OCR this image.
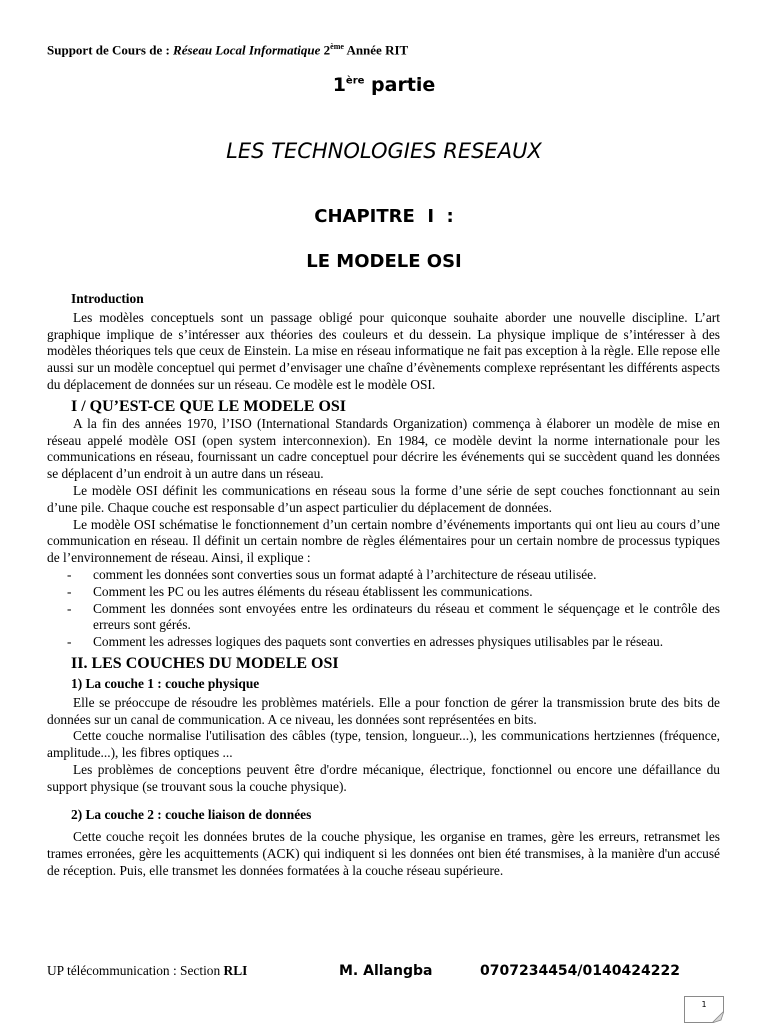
Support de Cours de : Réseau Local Informatique 2ème Année RIT
1ère partie
LES TECHNOLOGIES RESEAUX
CHAPITRE  I  :
LE MODELE OSI
Introduction

Les modèles conceptuels sont un passage obligé pour quiconque souhaite aborder une nouvelle discipline. L’art graphique implique de s’intéresser aux théories des couleurs et du dessein. La physique implique de s’intéresser à des modèles théoriques tels que ceux de Einstein. La mise en réseau informatique ne fait pas exception à la règle. Elle repose elle aussi sur un modèle conceptuel qui permet d’envisager une chaîne d’évènements complexe représentant les différents aspects du déplacement de données sur un réseau. Ce modèle est le modèle OSI.

I / QU’EST-CE QUE LE MODELE OSI

A la fin des années 1970, l’ISO (International Standards Organization) commença à élaborer un modèle de mise en réseau appelé modèle OSI (open system interconnexion). En 1984, ce modèle devint la norme internationale pour les communications en réseau, fournissant un cadre conceptuel pour décrire les événements qui se succèdent quand les données se déplacent d’un endroit à un autre dans un réseau.

Le modèle OSI définit les communications en réseau sous la forme d’une série de sept couches fonctionnant au sein d’une pile. Chaque couche est responsable d’un aspect particulier du déplacement de données.

Le modèle OSI schématise le fonctionnement d’un certain nombre d’événements importants qui ont lieu au cours d’une communication en réseau. Il définit un certain nombre de règles élémentaires pour un certain nombre de processus typiques de l’environnement de réseau. Ainsi, il explique :

- comment les données sont converties sous un format adapté à l’architecture de réseau utilisée.
- Comment les PC ou les autres éléments du réseau établissent les communications.
- Comment les données sont envoyées entre les ordinateurs du réseau et comment le séquençage et le contrôle des erreurs sont gérés.
- Comment les adresses logiques des paquets sont converties en adresses physiques utilisables par le réseau.
II. LES COUCHES DU MODELE OSI
1) La couche 1 : couche physique

Elle se préoccupe de résoudre les problèmes matériels. Elle a pour fonction de gérer la transmission brute des bits de données sur un canal de communication. A ce niveau, les données sont représentées en bits.

Cette couche normalise l'utilisation des câbles (type, tension, longueur...), les communications hertziennes (fréquence, amplitude...), les fibres optiques ...

Les problèmes de conceptions peuvent être d'ordre mécanique, électrique, fonctionnel ou encore une défaillance du support physique (se trouvant sous la couche physique).

2) La couche 2 : couche liaison de données

Cette couche reçoit les données brutes de la couche physique, les organise en trames, gère les erreurs, retransmet les trames erronées, gère les acquittements (ACK) qui indiquent si les données ont bien été transmises, à la manière d'un accusé de réception. Puis, elle transmet les données formatées à la couche réseau supérieure.

UP télécommunication : Section RLI	M. Allangba	0707234454/0140424222
1
